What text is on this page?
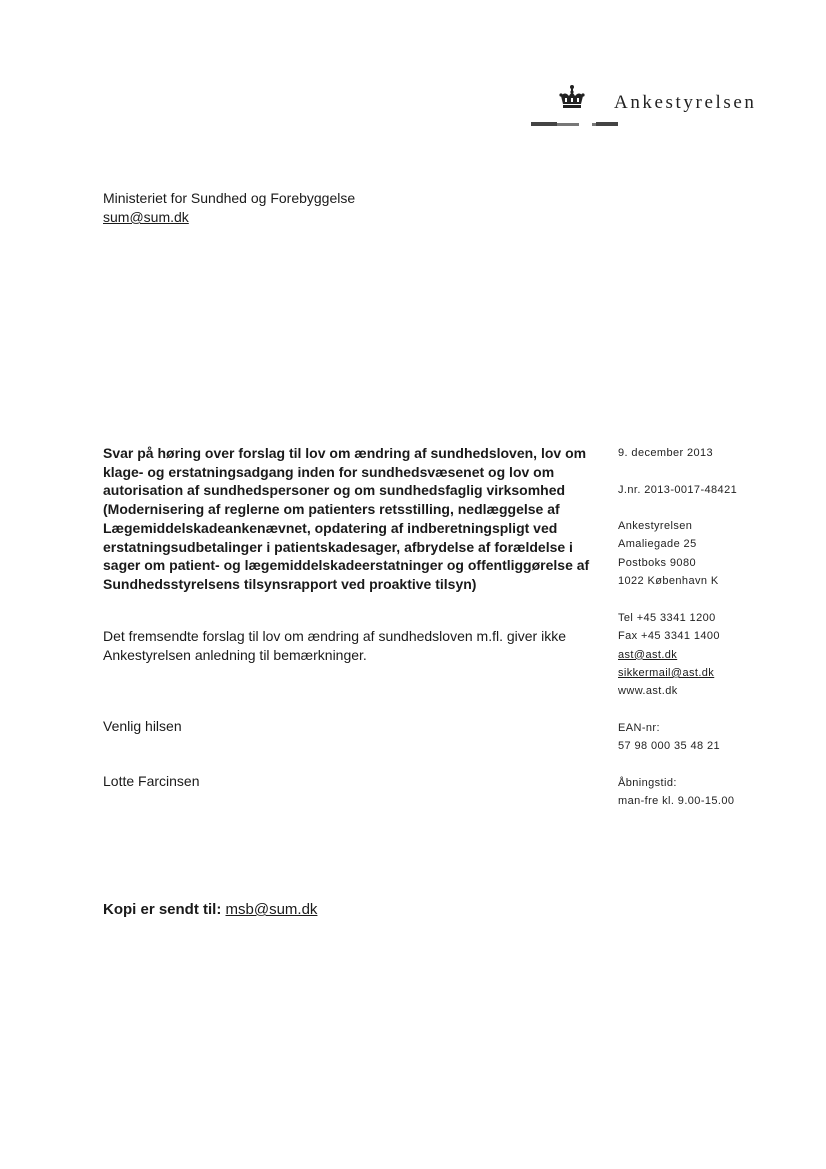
Ankestyrelsen
Ministeriet for Sundhed og Forebyggelse
sum@sum.dk

Svar på høring over forslag til lov om ændring af sundhedsloven, lov om klage- og erstatningsadgang inden for sundhedsvæsenet og lov om autorisation af sundhedspersoner og om sundhedsfaglig virksomhed (Modernisering af reglerne om patienters retsstilling, nedlæggelse af Lægemiddelskadeankenævnet, opdatering af indberetningspligt ved erstatningsudbetalinger i patientskadesager, afbrydelse af forældelse i sager om patient- og lægemiddelskadeerstatninger og offentliggørelse af Sundhedsstyrelsens tilsynsrapport ved proaktive tilsyn)

Det fremsendte forslag til lov om ændring af sundhedsloven m.fl. giver ikke Ankestyrelsen anledning til bemærkninger.

Venlig hilsen
Lotte Farcinsen
Kopi er sendt til: msb@sum.dk
9. december 2013
J.nr. 2013-0017-48421
Ankestyrelsen
Amaliegade 25
Postboks 9080
1022 København K
Tel +45 3341 1200
Fax +45 3341 1400
ast@ast.dk
sikkermail@ast.dk
www.ast.dk
EAN-nr:
57 98 000 35 48 21
Åbningstid:
man-fre kl. 9.00-15.00
